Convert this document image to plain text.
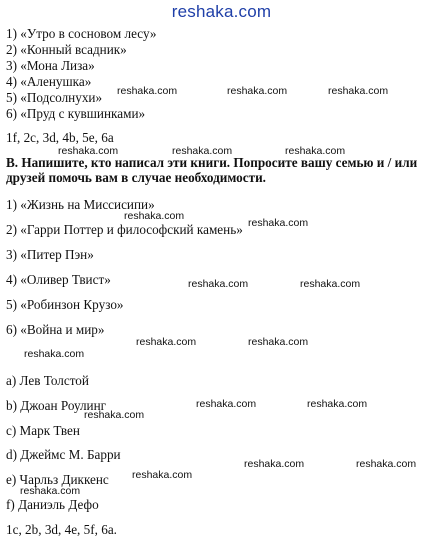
reshaka.com
1) «Утро в сосновом лесу»
2) «Конный всадник»
3) «Мона Лиза»
4) «Аленушка»
5) «Подсолнухи»
6) «Пруд с кувшинками»
1f, 2c, 3d, 4b, 5e, 6a
B. Напишите, кто написал эти книги. Попросите вашу семью и / или друзей помочь вам в случае необходимости.
1) «Жизнь на Миссисипи»
2) «Гарри Поттер и философский камень»
3) «Питер Пэн»
4) «Оливер Твист»
5) «Робинзон Крузо»
6) «Война и мир»
a) Лев Толстой
b) Джоан Роулинг
c) Марк Твен
d) Джеймс М. Барри
e) Чарльз Диккенс
f) Даниэль Дефо
1c, 2b, 3d, 4e, 5f, 6a.
reshaka.com	reshaka.com	reshaka.com
reshaka.com	reshaka.com	reshaka.com
reshaka.com
reshaka.com
reshaka.com	reshaka.com
reshaka.com	reshaka.com
reshaka.com
reshaka.com
reshaka.com	reshaka.com
reshaka.com
reshaka.com	reshaka.com
reshaka.com
